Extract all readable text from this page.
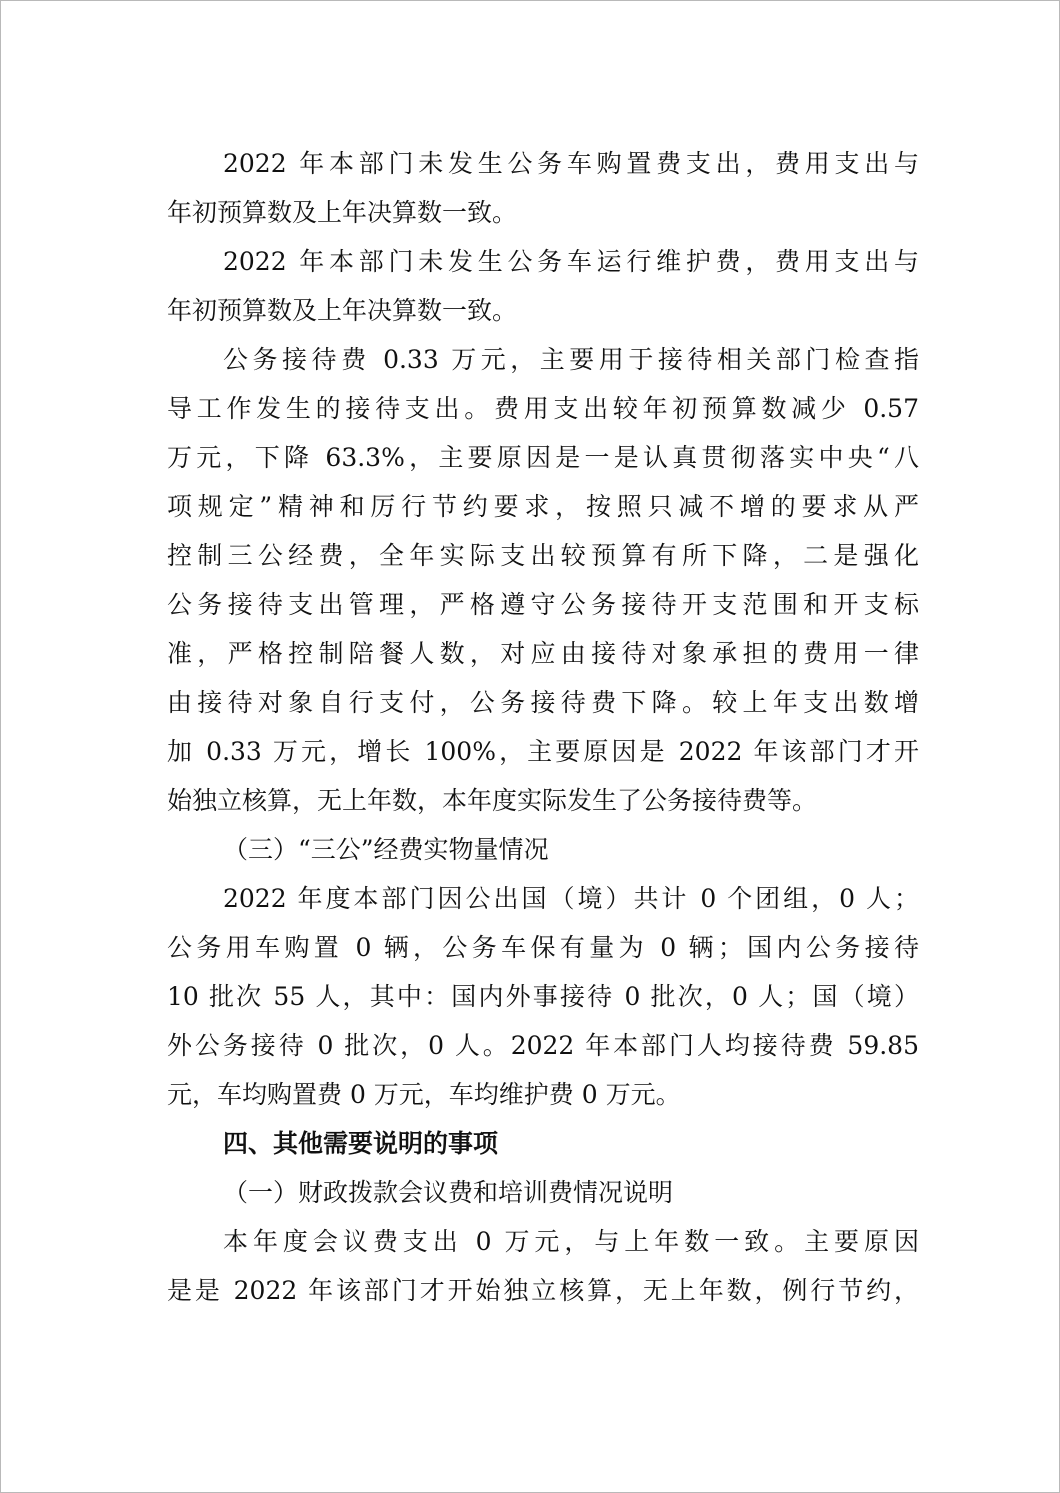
2022 年本部门未发生公务车购置费支出，费用支出与
年初预算数及上年决算数一致。
2022 年本部门未发生公务车运行维护费，费用支出与
年初预算数及上年决算数一致。
公务接待费 0.33 万元，主要用于接待相关部门检查指
导工作发生的接待支出。费用支出较年初预算数减少 0.57
万元，下降 63.3%，主要原因是一是认真贯彻落实中央“八
项规定”精神和厉行节约要求，按照只减不增的要求从严
控制三公经费，全年实际支出较预算有所下降，二是强化
公务接待支出管理，严格遵守公务接待开支范围和开支标
准，严格控制陪餐人数，对应由接待对象承担的费用一律
由接待对象自行支付，公务接待费下降。较上年支出数增
加 0.33 万元，增长 100%，主要原因是 2022 年该部门才开
始独立核算，无上年数，本年度实际发生了公务接待费等。
（三）“三公”经费实物量情况
2022 年度本部门因公出国（境）共计 0 个团组，0 人；
公务用车购置 0 辆，公务车保有量为 0 辆；国内公务接待
10 批次 55 人，其中：国内外事接待 0 批次，0 人；国（境）
外公务接待 0 批次，0 人。2022 年本部门人均接待费 59.85
元，车均购置费 0 万元，车均维护费 0 万元。
四、其他需要说明的事项
（一）财政拨款会议费和培训费情况说明
本年度会议费支出 0 万元，与上年数一致。主要原因
是是 2022 年该部门才开始独立核算，无上年数，例行节约，
